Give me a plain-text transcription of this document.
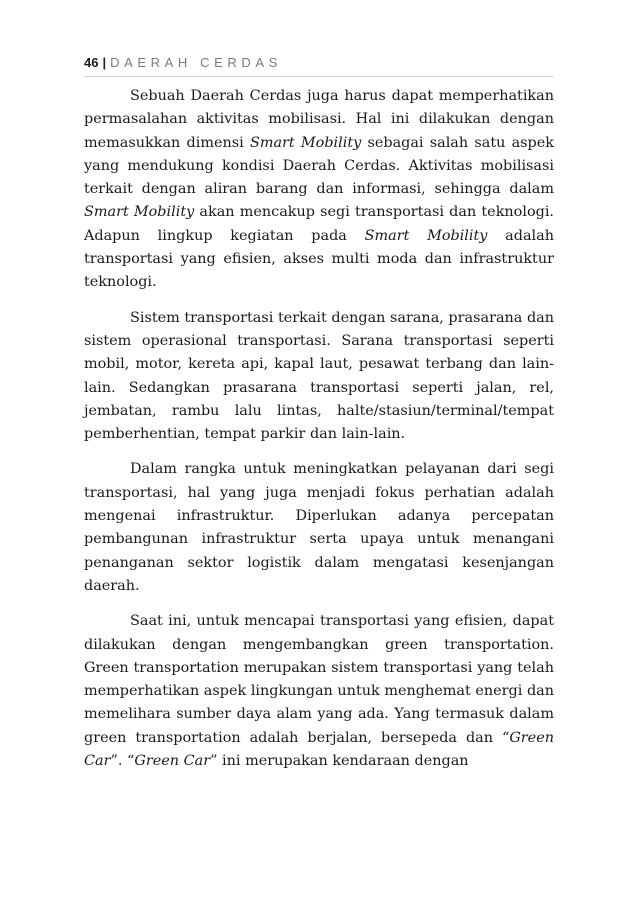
46 | DAERAH CERDAS

Sebuah Daerah Cerdas juga harus dapat memperhatikan permasalahan aktivitas mobilisasi. Hal ini dilakukan dengan memasukkan dimensi Smart Mobility sebagai salah satu aspek yang mendukung kondisi Daerah Cerdas. Aktivitas mobilisasi terkait dengan aliran barang dan informasi, sehingga dalam Smart Mobility akan mencakup segi transportasi dan teknologi. Adapun lingkup kegiatan pada Smart Mobility adalah transportasi yang efisien, akses multi moda dan infrastruktur teknologi.

Sistem transportasi terkait dengan sarana, prasarana dan sistem operasional transportasi. Sarana transportasi seperti mobil, motor, kereta api, kapal laut, pesawat terbang dan lain-lain. Sedangkan prasarana transportasi seperti jalan, rel, jembatan, rambu lalu lintas, halte/stasiun/terminal/tempat pemberhentian, tempat parkir dan lain-lain.

Dalam rangka untuk meningkatkan pelayanan dari segi transportasi, hal yang juga menjadi fokus perhatian adalah mengenai infrastruktur. Diperlukan adanya percepatan pembangunan infrastruktur serta upaya untuk menangani penanganan sektor logistik dalam mengatasi kesenjangan daerah.

Saat ini, untuk mencapai transportasi yang efisien, dapat dilakukan dengan mengembangkan green transportation. Green transportation merupakan sistem transportasi yang telah memperhatikan aspek lingkungan untuk menghemat energi dan memelihara sumber daya alam yang ada. Yang termasuk dalam green transportation adalah berjalan, bersepeda dan “Green Car”. “Green Car” ini merupakan kendaraan dengan
